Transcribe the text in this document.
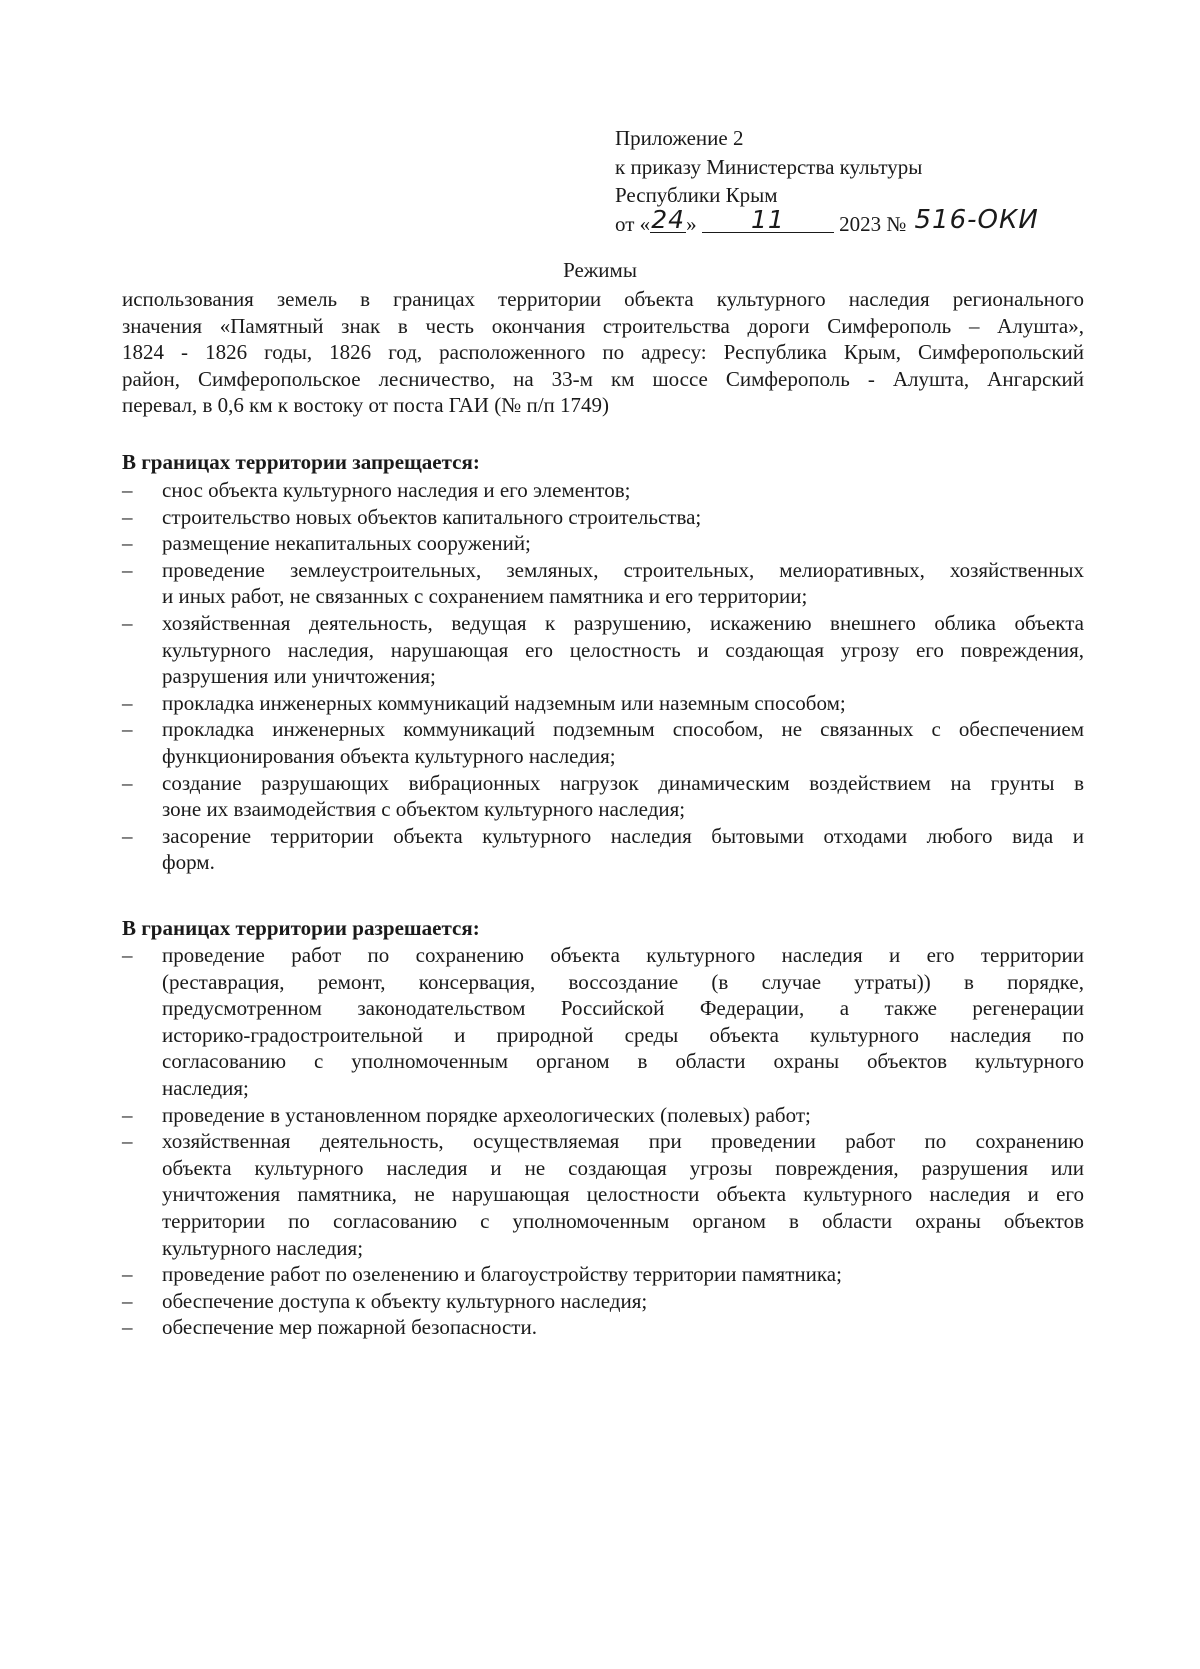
Приложение 2
к приказу Министерства культуры
Республики Крым
от «24» 11	2023 № 516-ОКИ
Режимы
использования земель в границах территории объекта культурного наследия регионального
значения «Памятный знак в честь окончания строительства дороги Симферополь – Алушта»,
1824 - 1826 годы, 1826 год, расположенного по адресу: Республика Крым, Симферопольский
район, Симферопольское лесничество, на 33-м км шоссе Симферополь - Алушта, Ангарский
перевал, в 0,6 км к востоку от поста ГАИ (№ п/п 1749)
В границах территории запрещается:
– снос объекта культурного наследия и его элементов;
– строительство новых объектов капитального строительства;
– размещение некапитальных сооружений;
– проведение землеустроительных, земляных, строительных, мелиоративных, хозяйственных
и иных работ, не связанных с сохранением памятника и его территории;
– хозяйственная деятельность, ведущая к разрушению, искажению внешнего облика объекта
культурного наследия, нарушающая его целостность и создающая угрозу его повреждения,
разрушения или уничтожения;
– прокладка инженерных коммуникаций надземным или наземным способом;
– прокладка инженерных коммуникаций подземным способом, не связанных с обеспечением
функционирования объекта культурного наследия;
– создание разрушающих вибрационных нагрузок динамическим воздействием на грунты в
зоне их взаимодействия с объектом культурного наследия;
– засорение территории объекта культурного наследия бытовыми отходами любого вида и
форм.
В границах территории разрешается:
– проведение работ по сохранению объекта культурного наследия и его территории
(реставрация, ремонт, консервация, воссоздание (в случае утраты)) в порядке,
предусмотренном законодательством Российской Федерации, а также регенерации
историко-градостроительной и природной среды объекта культурного наследия по
согласованию с уполномоченным органом в области охраны объектов культурного
наследия;
– проведение в установленном порядке археологических (полевых) работ;
– хозяйственная деятельность, осуществляемая при проведении работ по сохранению
объекта культурного наследия и не создающая угрозы повреждения, разрушения или
уничтожения памятника, не нарушающая целостности объекта культурного наследия и его
территории по согласованию с уполномоченным органом в области охраны объектов
культурного наследия;
– проведение работ по озеленению и благоустройству территории памятника;
– обеспечение доступа к объекту культурного наследия;
– обеспечение мер пожарной безопасности.
